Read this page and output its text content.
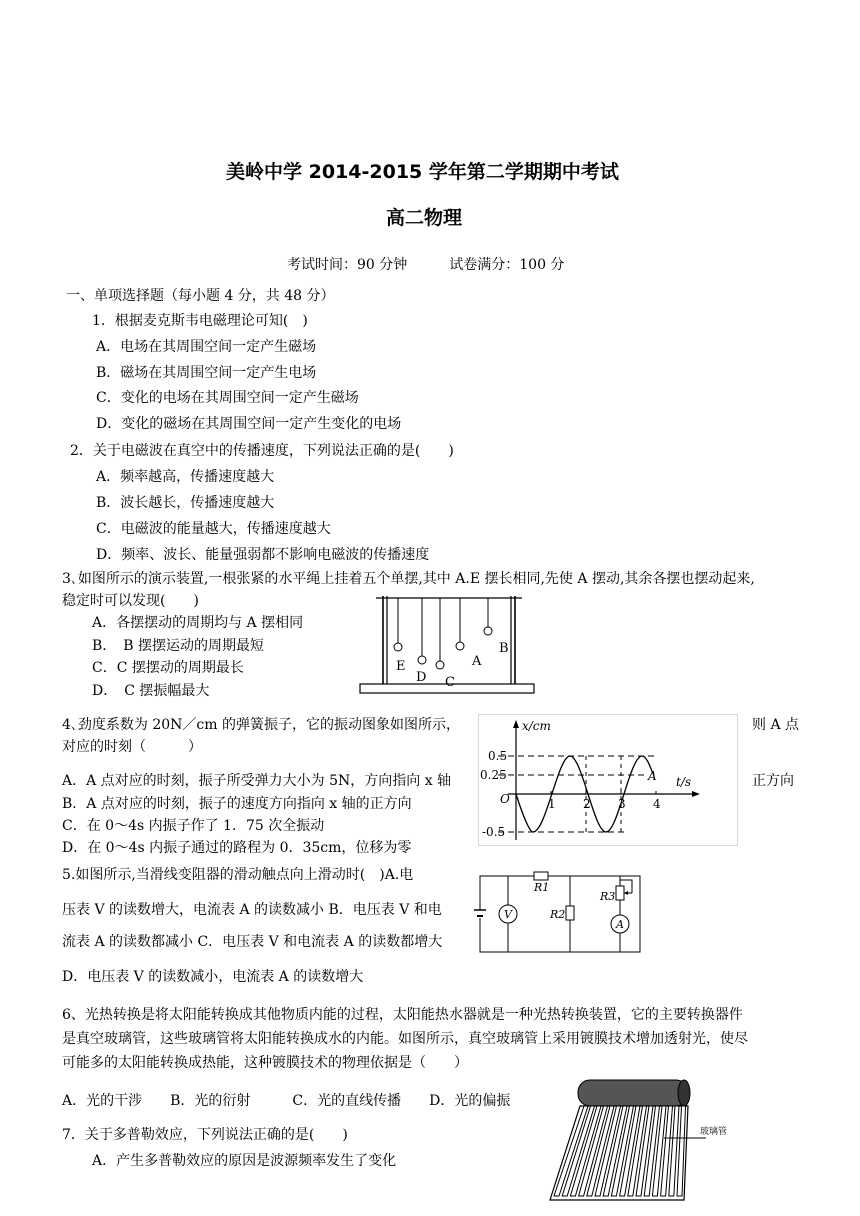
美岭中学 2014-2015 学年第二学期期中考试
高二物理
考试时间：90 分钟　　　试卷满分：100 分
一、单项选择题（每小题 4 分，共 48 分）
1．根据麦克斯韦电磁理论可知(　)
A．电场在其周围空间一定产生磁场
B．磁场在其周围空间一定产生电场
C．变化的电场在其周围空间一定产生磁场
D．变化的磁场在其周围空间一定产生变化的电场
2．关于电磁波在真空中的传播速度，下列说法正确的是(　　)
A．频率越高，传播速度越大
B．波长越长，传播速度越大
C．电磁波的能量越大，传播速度越大
D．频率、波长、能量强弱都不影响电磁波的传播速度
3､如图所示的演示装置,一根张紧的水平绳上挂着五个单摆,其中 A.E 摆长相同,先使 A 摆动,其余各摆也摆动起来,
稳定时可以发现(　　)
A．各摆摆动的周期均与 A 摆相同
B．　B 摆摆运动的周期最短
C．C 摆摆动的周期最长
D．　C 摆振幅最大
E
D C
A
B
4､劲度系数为 20N／cm 的弹簧振子，它的振动图象如图所示，	则 A 点
对应的时刻（　　　）
A．A 点对应的时刻，振子所受弹力大小为 5N，方向指向 x 轴	正方向
B．A 点对应的时刻，振子的速度方向指向 x 轴的正方向
C．在 0～4s 内振子作了 1．75 次全振动
D．在 0～4s 内振子通过的路程为 0．35cm，位移为零
x/cm
t/s
O
0.5
0.25
-0.5
1 2 3 4
A
5.如图所示,当滑线变阻器的滑动触点向上滑动时(　)A.电
压表 V 的读数增大，电流表 A 的读数减小 B．电压表 V 和电
流表 A 的读数都减小 C．电压表 V 和电流表 A 的读数都增大
D．电压表 V 的读数减小，电流表 A 的读数增大
V
R1
R2
R3
A
6、光热转换是将太阳能转换成其他物质内能的过程，太阳能热水器就是一种光热转换装置，它的主要转换器件
是真空玻璃管，这些玻璃管将太阳能转换成水的内能。如图所示，真空玻璃管上采用镀膜技术增加透射光，使尽
可能多的太阳能转换成热能，这种镀膜技术的物理依据是（　　）
A．光的干涉　　B．光的衍射　　　C．光的直线传播　　D．光的偏振
玻璃管
7．关于多普勒效应，下列说法正确的是(　　)
A．产生多普勒效应的原因是波源频率发生了变化
